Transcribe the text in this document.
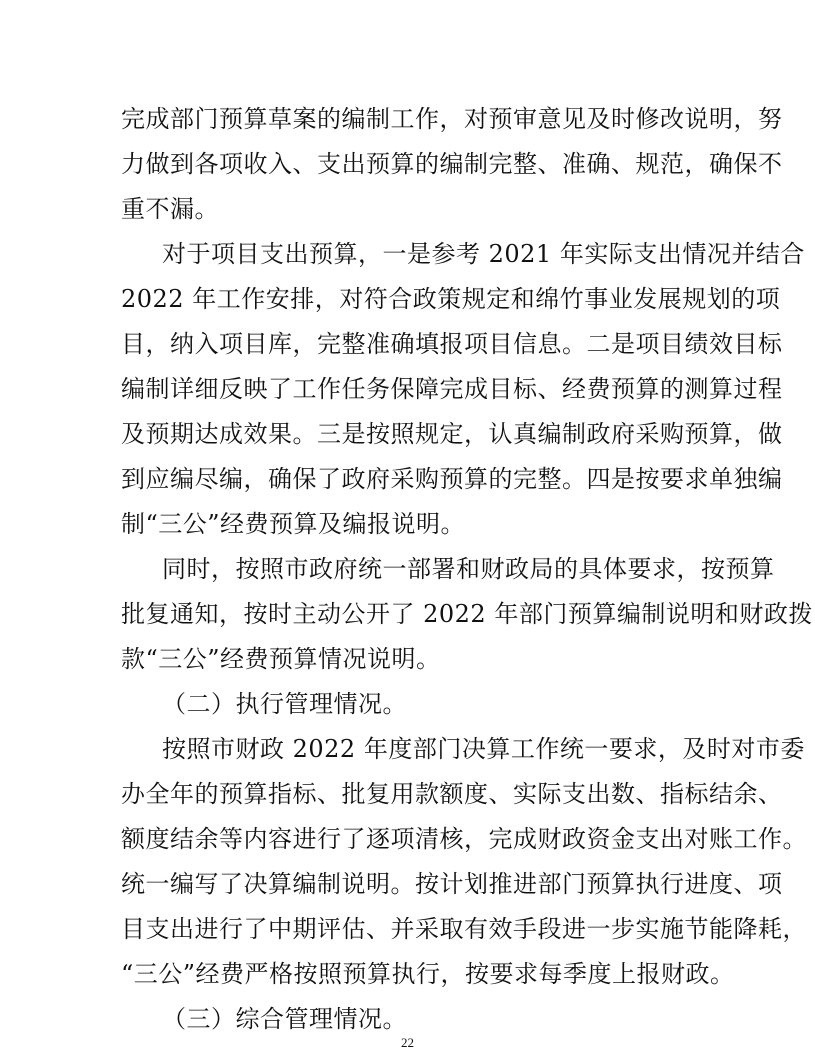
完成部门预算草案的编制工作，对预审意见及时修改说明，努
力做到各项收入、支出预算的编制完整、准确、规范，确保不
重不漏。
对于项目支出预算，一是参考 2021 年实际支出情况并结合
2022 年工作安排，对符合政策规定和绵竹事业发展规划的项
目，纳入项目库，完整准确填报项目信息。二是项目绩效目标
编制详细反映了工作任务保障完成目标、经费预算的测算过程
及预期达成效果。三是按照规定，认真编制政府采购预算，做
到应编尽编，确保了政府采购预算的完整。四是按要求单独编
制“三公”经费预算及编报说明。
同时，按照市政府统一部署和财政局的具体要求，按预算
批复通知，按时主动公开了 2022 年部门预算编制说明和财政拨
款“三公”经费预算情况说明。
（二）执行管理情况。
按照市财政 2022 年度部门决算工作统一要求，及时对市委
办全年的预算指标、批复用款额度、实际支出数、指标结余、
额度结余等内容进行了逐项清核，完成财政资金支出对账工作。
统一编写了决算编制说明。按计划推进部门预算执行进度、项
目支出进行了中期评估、并采取有效手段进一步实施节能降耗，
“三公”经费严格按照预算执行，按要求每季度上报财政。
（三）综合管理情况。
22
